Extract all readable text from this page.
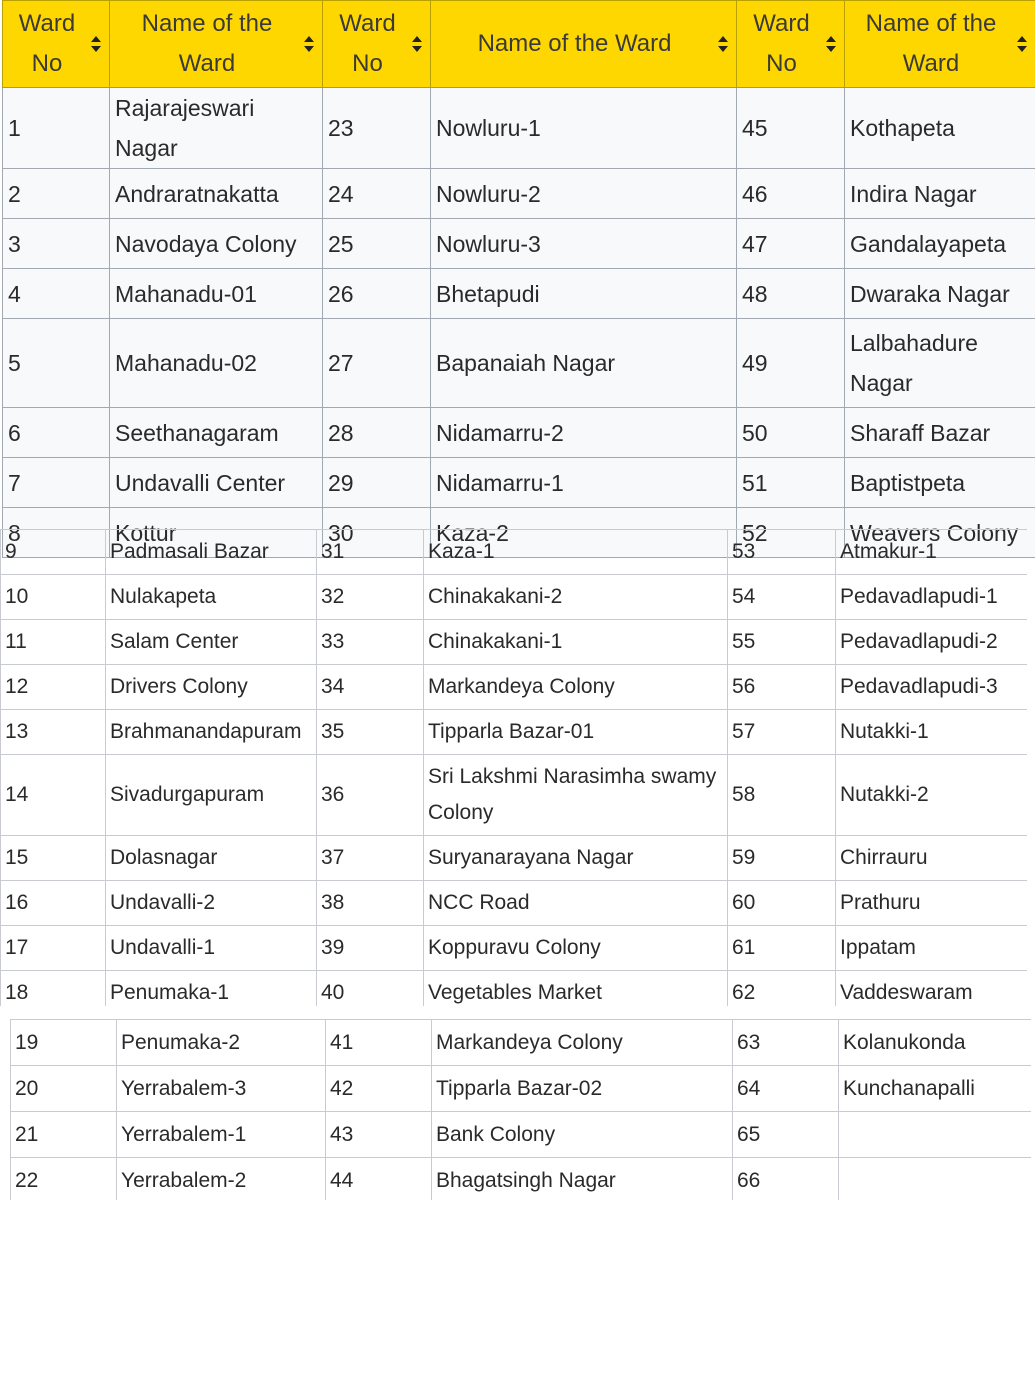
Ward No	Name of the Ward	Ward No	Name of the Ward	Ward No	Name of the Ward

1	Rajarajeswari Nagar	23	Nowluru-1	45	Kothapeta
2	Andraratnakatta	24	Nowluru-2	46	Indira Nagar
3	Navodaya Colony	25	Nowluru-3	47	Gandalayapeta
4	Mahanadu-01	26	Bhetapudi	48	Dwaraka Nagar
5	Mahanadu-02	27	Bapanaiah Nagar	49	Lalbahadure Nagar
6	Seethanagaram	28	Nidamarru-2	50	Sharaff Bazar
7	Undavalli Center	29	Nidamarru-1	51	Baptistpeta
8	Kottur	30	Kaza-2	52	Weavers Colony
9	Padmasali Bazar	31	Kaza-1	53	Atmakur-1
10	Nulakapeta	32	Chinakakani-2	54	Pedavadlapudi-1
11	Salam Center	33	Chinakakani-1	55	Pedavadlapudi-2
12	Drivers Colony	34	Markandeya Colony	56	Pedavadlapudi-3
13	Brahmanandapuram	35	Tipparla Bazar-01	57	Nutakki-1
14	Sivadurgapuram	36	Sri Lakshmi Narasimha swamy Colony	58	Nutakki-2
15	Dolasnagar	37	Suryanarayana Nagar	59	Chirrauru
16	Undavalli-2	38	NCC Road	60	Prathuru
17	Undavalli-1	39	Koppuravu Colony	61	Ippatam
18	Penumaka-1	40	Vegetables Market	62	Vaddeswaram
19	Penumaka-2	41	Markandeya Colony	63	Kolanukonda
20	Yerrabalem-3	42	Tipparla Bazar-02	64	Kunchanapalli
21	Yerrabalem-1	43	Bank Colony	65	
22	Yerrabalem-2	44	Bhagatsingh Nagar	66	
